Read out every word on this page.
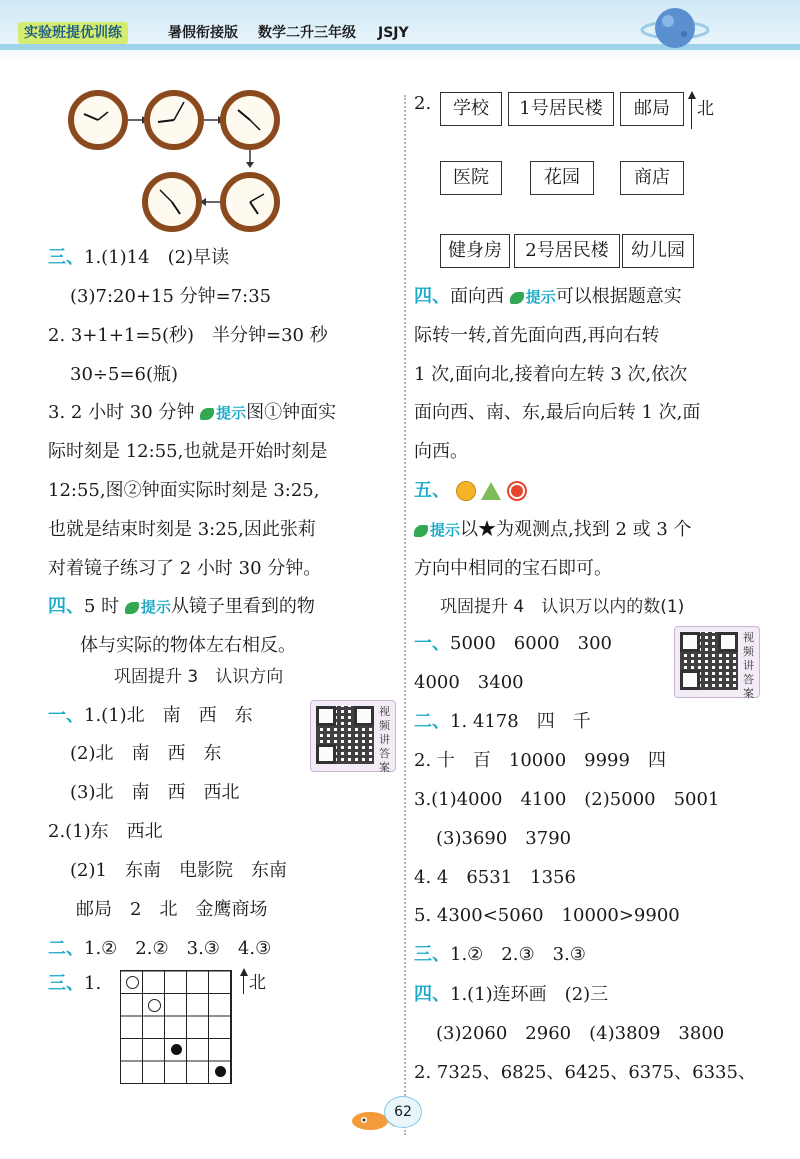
实验班提优训练	暑假衔接版 数学二升三年级 JSJY
三、1.(1)14　(2)早读
(3)7:20+15 分钟=7:35
2. 3+1+1=5(秒)　半分钟=30 秒
30÷5=6(瓶)
3. 2 小时 30 分钟 提示图①钟面实
际时刻是 12:55,也就是开始时刻是
12:55,图②钟面实际时刻是 3:25,
也就是结束时刻是 3:25,因此张莉
对着镜子练习了 2 小时 30 分钟。
四、5 时 提示从镜子里看到的物
体与实际的物体左右相反。
巩固提升 3　认识方向
视频讲答案
一、1.(1)北　南　西　东
(2)北　南　西　东
(3)北　南　西　西北
2.(1)东　西北
(2)1　东南　电影院　东南
邮局　2　北　金鹰商场
二、1.②　2.②　3.③　4.③
三、1.	北
2.	学校	1号居民楼	邮局	北
医院	花园	商店
健身房	2号居民楼	幼儿园
四、面向西 提示可以根据题意实
际转一转,首先面向西,再向右转
1 次,面向北,接着向左转 3 次,依次
面向西、南、东,最后向后转 1 次,面
向西。
五、
提示以★为观测点,找到 2 或 3 个
方向中相同的宝石即可。
巩固提升 4　认识万以内的数(1)
视频讲答案
一、5000　6000　300
4000　3400
二、1. 4178　四　千
2. 十　百　10000　9999　四
3.(1)4000　4100　(2)5000　5001
(3)3690　3790
4. 4　6531　1356
5. 4300<5060　10000>9900
三、1.②　2.③　3.③
四、1.(1)连环画　(2)三
(3)2060　2960　(4)3809　3800
2. 7325、6825、6425、6375、6335、
62
